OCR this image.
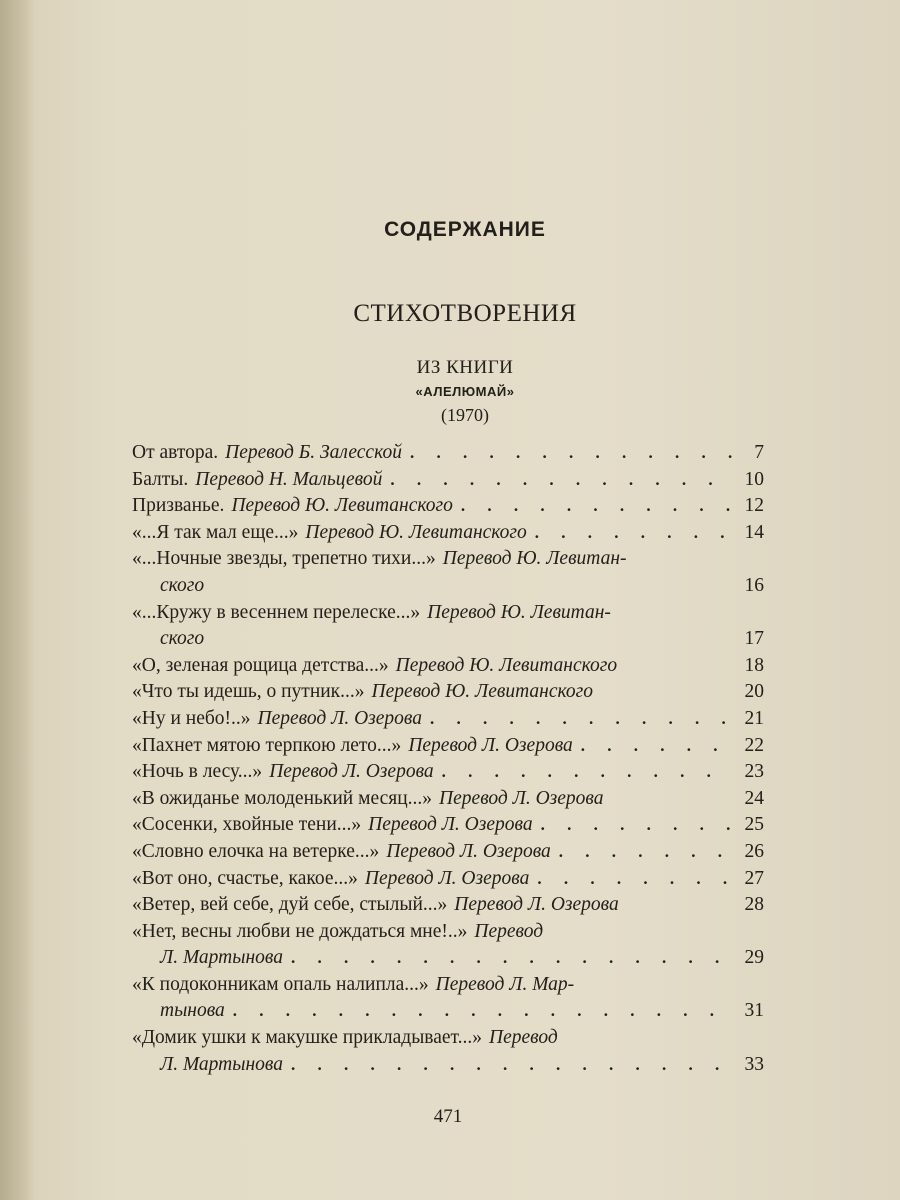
СОДЕРЖАНИЕ
СТИХОТВОРЕНИЯ
ИЗ КНИГИ
«АЛЕЛЮМАЙ»
(1970)
От автора. Перевод Б. Залесской . . .	7
Балты. Перевод Н. Мальцевой . . .	10
Призванье. Перевод Ю. Левитанского . . .	12
«...Я так мал еще...» Перевод Ю. Левитанского . . .	14
«...Ночные звезды, трепетно тихи...» Перевод Ю. Левитан-
ского	16
«...Кружу в весеннем перелеске...» Перевод Ю. Левитан-
ского	17
«О, зеленая рощица детства...» Перевод Ю. Левитанского	18
«Что ты идешь, о путник...» Перевод Ю. Левитанского	20
«Ну и небо!..» Перевод Л. Озерова . . .	21
«Пахнет мятою терпкою лето...» Перевод Л. Озерова . . .	22
«Ночь в лесу...» Перевод Л. Озерова . . .	23
«В ожиданье молоденький месяц...» Перевод Л. Озерова	24
«Сосенки, хвойные тени...» Перевод Л. Озерова . . .	25
«Словно елочка на ветерке...» Перевод Л. Озерова . . .	26
«Вот оно, счастье, какое...» Перевод Л. Озерова . . .	27
«Ветер, вей себе, дуй себе, стылый...» Перевод Л. Озерова	28
«Нет, весны любви не дождаться мне!..» Перевод
Л. Мартынова . . .	29
«К подоконникам опаль налипла...» Перевод Л. Мар-
тынова . . .	31
«Домик ушки к макушке прикладывает...» Перевод
Л. Мартынова . . .	33
471
